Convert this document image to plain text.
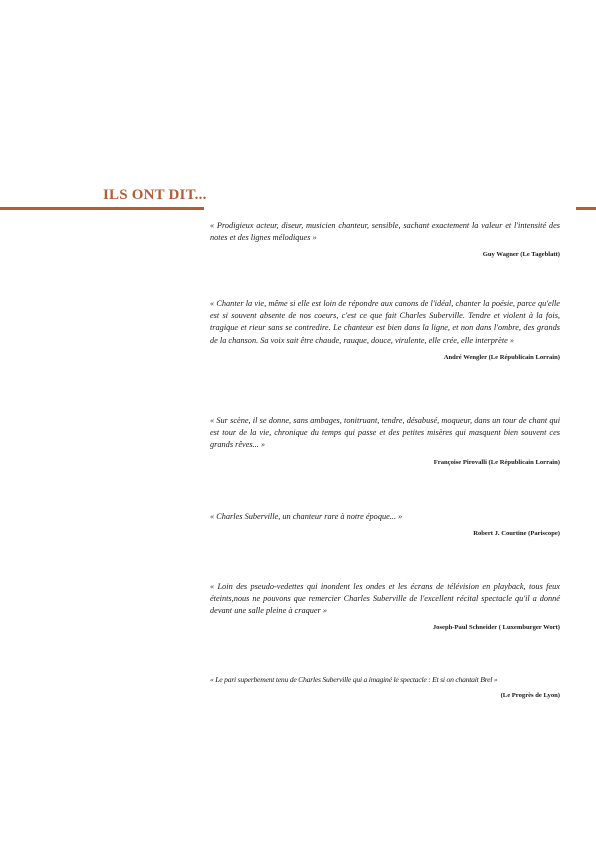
ILS ONT DIT...

« Prodigieux acteur, diseur, musicien chanteur, sensible, sachant exactement la valeur et l'intensité des notes et des lignes mélodiques »

Guy Wagner (Le Tageblatt)

« Chanter la vie, même si elle est loin de répondre aux canons de l'idéal, chanter la poésie, parce qu'elle est si souvent absente de nos coeurs, c'est ce que fait Charles Suberville. Tendre et violent à la fois, tragique et rieur sans se contredire. Le chanteur est bien dans la ligne, et non dans l'ombre, des grands de la chanson. Sa voix sait être chaude, rauque, douce, virulente, elle crée, elle interprète »

André Wengler (Le Républicain Lorrain)

« Sur scène, il se donne, sans ambages, tonitruant, tendre, désabusé, moqueur, dans un tour de chant qui est tour de la vie, chronique du temps qui passe et des petites misères qui masquent bien souvent ces grands rêves... »

Françoise Pirovalli (Le Républicain Lorrain)

« Charles Suberville, un chanteur rare à notre époque... »

Robert J. Courtine (Pariscope)

« Loin des pseudo-vedettes qui inondent les ondes et les écrans de télévision en playback, tous feux éteints,nous ne pouvons que remercier Charles Suberville de l'excellent récital spectacle qu'il a donné devant une salle pleine à craquer »

Joseph-Paul Schneider ( Luxemburger Wort)

« Le pari superbement tenu de Charles Suberville qui a imaginé le spectacle : Et si on chantait Brel »

(Le Progrès de Lyon)
